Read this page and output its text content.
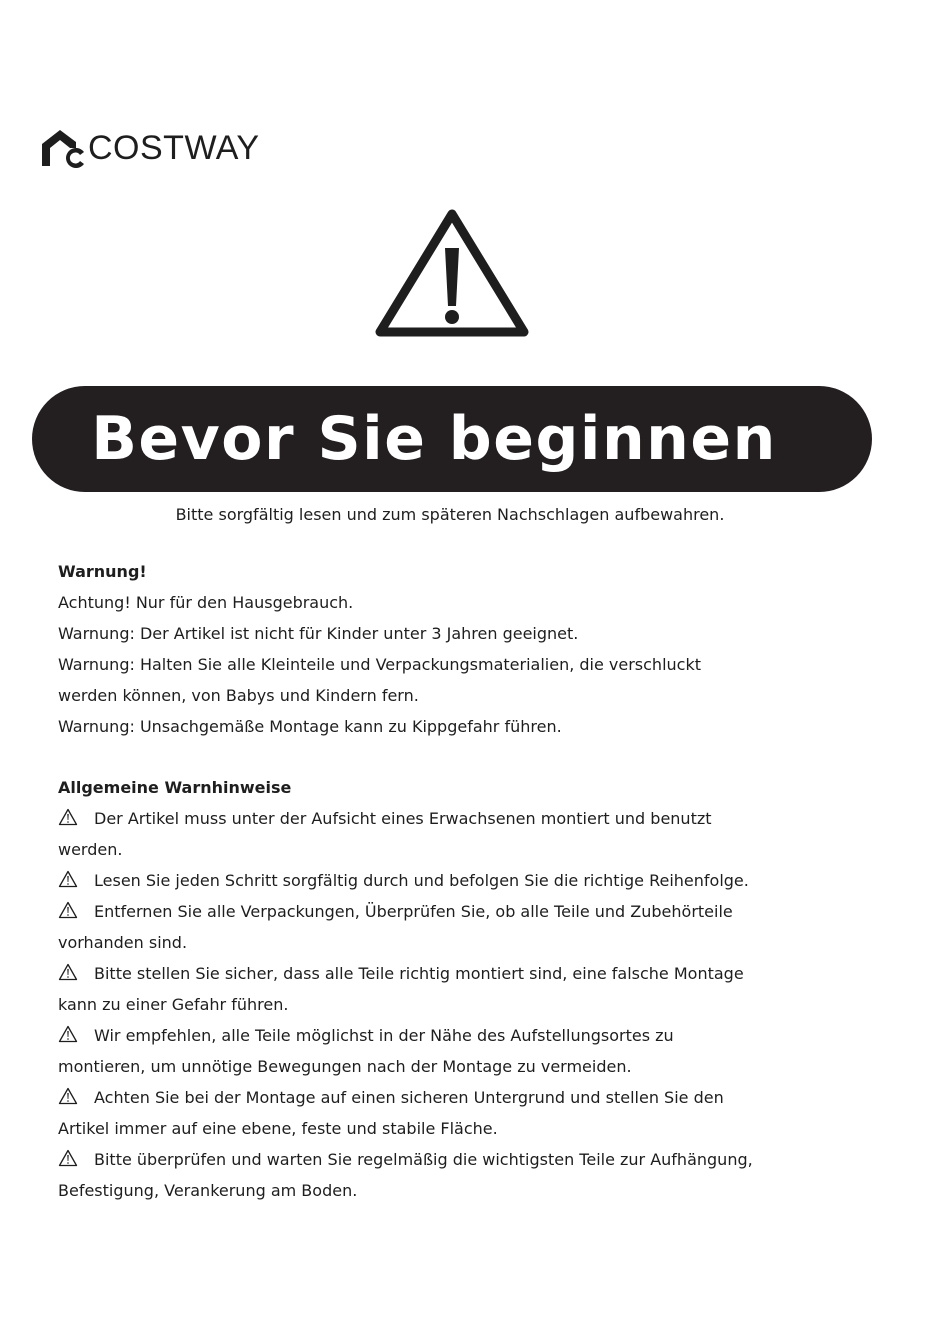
COSTWAY
Bevor Sie beginnen
Bitte sorgfältig lesen und zum späteren Nachschlagen aufbewahren.
Warnung!
Achtung! Nur für den Hausgebrauch.
Warnung: Der Artikel ist nicht für Kinder unter 3 Jahren geeignet.
Warnung: Halten Sie alle Kleinteile und Verpackungsmaterialien, die verschluckt
werden können, von Babys und Kindern fern.
Warnung: Unsachgemäße Montage kann zu Kippgefahr führen.
Allgemeine Warnhinweise
Der Artikel muss unter der Aufsicht eines Erwachsenen montiert und benutzt
werden.
Lesen Sie jeden Schritt sorgfältig durch und befolgen Sie die richtige Reihenfolge.
Entfernen Sie alle Verpackungen, Überprüfen Sie, ob alle Teile und Zubehörteile
vorhanden sind.
Bitte stellen Sie sicher, dass alle Teile richtig montiert sind, eine falsche Montage
kann zu einer Gefahr führen.
Wir empfehlen, alle Teile möglichst in der Nähe des Aufstellungsortes zu
montieren, um unnötige Bewegungen nach der Montage zu vermeiden.
Achten Sie bei der Montage auf einen sicheren Untergrund und stellen Sie den
Artikel immer auf eine ebene, feste und stabile Fläche.
Bitte überprüfen und warten Sie regelmäßig die wichtigsten Teile zur Aufhängung,
Befestigung, Verankerung am Boden.
